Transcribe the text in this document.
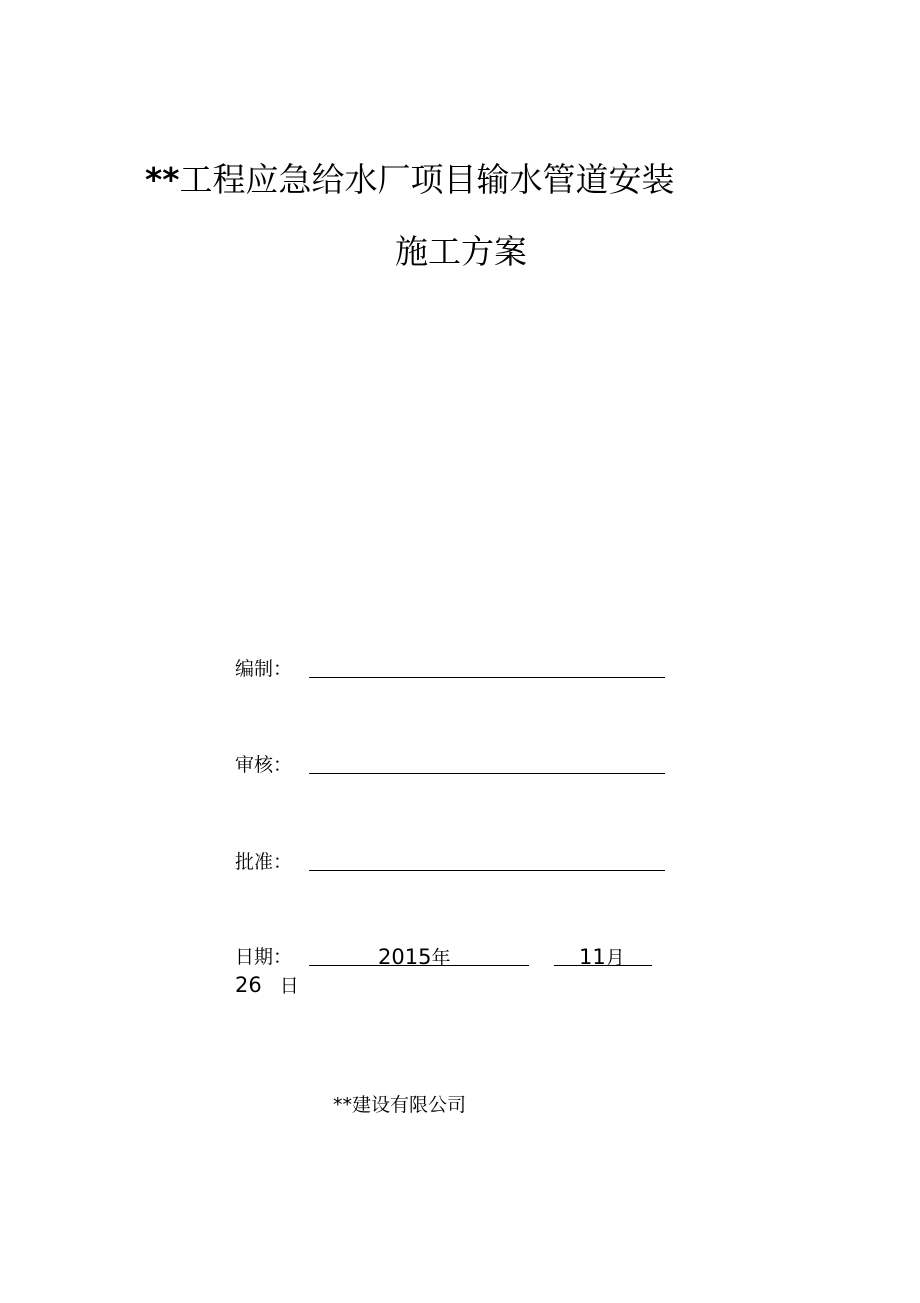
**工程应急给水厂项目输水管道安装
施工方案
编制：
审核：
批准：
日期：	2015年	11月
26 日
**建设有限公司
